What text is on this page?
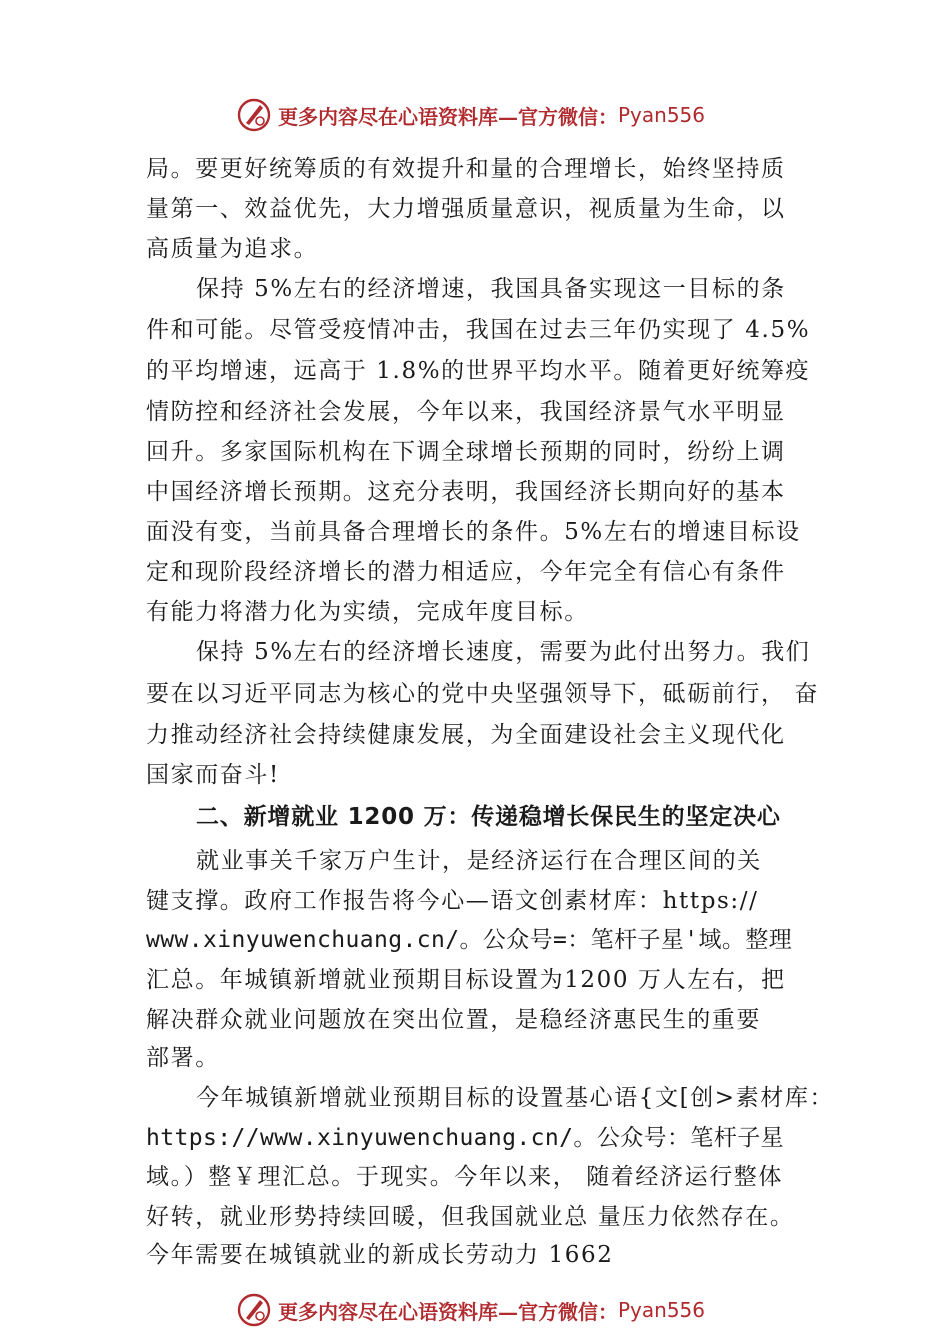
更多内容尽在心语资料库—官方微信： Pyan556
局。要更好统筹质的有效提升和量的合理增长，始终坚持质
量第一、效益优先，大力增强质量意识，视质量为生命，以
高质量为追求。
保持 5%左右的经济增速，我国具备实现这一目标的条
件和可能。尽管受疫情冲击，我国在过去三年仍实现了 4.5%
的平均增速，远高于 1.8%的世界平均水平。随着更好统筹疫
情防控和经济社会发展，今年以来，我国经济景气水平明显
回升。多家国际机构在下调全球增长预期的同时，纷纷上调
中国经济增长预期。这充分表明，我国经济长期向好的基本
面没有变，当前具备合理增长的条件。5%左右的增速目标设
定和现阶段经济增长的潜力相适应，今年完全有信心有条件
有能力将潜力化为实绩，完成年度目标。
保持 5%左右的经济增长速度，需要为此付出努力。我们
要在以习近平同志为核心的党中央坚强领导下，砥砺前行， 奋
力推动经济社会持续健康发展，为全面建设社会主义现代化
国家而奋斗!
二、新增就业 1200 万：传递稳增长保民生的坚定决心
就业事关千家万户生计，是经济运行在合理区间的关
键支撑。政府工作报告将今心—语文创素材库：https://
www.xinyuwenchuang.cn/。公众号=：笔杆子星'域。整理
汇总。年城镇新增就业预期目标设置为1200 万人左右，把
解决群众就业问题放在突出位置，是稳经济惠民生的重要
部署。
今年城镇新增就业预期目标的设置基心语{文[创>素材库：
https://www.xinyuwenchuang.cn/。公众号：笔杆子星
域。）整￥理汇总。于现实。今年以来， 随着经济运行整体
好转，就业形势持续回暖，但我国就业总 量压力依然存在。
今年需要在城镇就业的新成长劳动力 1662
更多内容尽在心语资料库—官方微信： Pyan556
